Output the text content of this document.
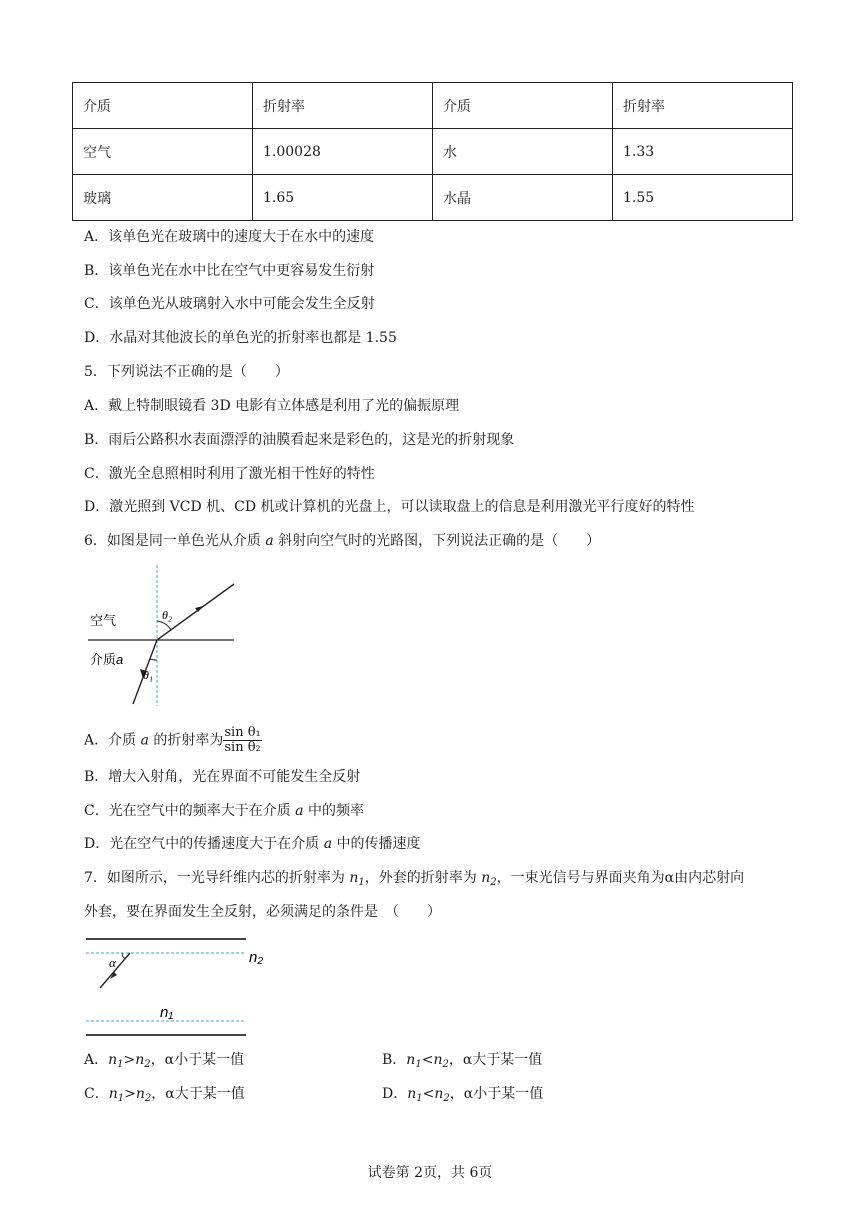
介质	折射率	介质	折射率
空气	1.00028	水	1.33
玻璃	1.65	水晶	1.55
A．该单色光在玻璃中的速度大于在水中的速度
B．该单色光在水中比在空气中更容易发生衍射
C．该单色光从玻璃射入水中可能会发生全反射
D．水晶对其他波长的单色光的折射率也都是 1.55
5．下列说法不正确的是（　　）
A．戴上特制眼镜看 3D 电影有立体感是利用了光的偏振原理
B．雨后公路积水表面漂浮的油膜看起来是彩色的，这是光的折射现象
C．激光全息照相时利用了激光相干性好的特性
D．激光照到 VCD 机、CD 机或计算机的光盘上，可以读取盘上的信息是利用激光平行度好的特性
6．如图是同一单色光从介质 a 斜射向空气时的光路图，下列说法正确的是（　　）
空气
介质a
θ₂
θ₁
A．介质 a 的折射率为 $\frac{\text{sin θ₁}}{\text{sin θ₂}}$
B．增大入射角，光在界面不可能发生全反射
C．光在空气中的频率大于在介质 a 中的频率
D．光在空气中的传播速度大于在介质 a 中的传播速度
7．如图所示，一光导纤维内芯的折射率为 $n_1$，外套的折射率为 $n_2$，一束光信号与界面夹角为α由内芯射向
外套，要在界面发生全反射，必须满足的条件是　（　　）
α	n₂
n₁
A．$n_1>n_2$，α小于某一值	B．$n_1<n_2$，α大于某一值
C．$n_1>n_2$，α大于某一值	D．$n_1<n_2$，α小于某一值
试卷第 2页，共 6页
